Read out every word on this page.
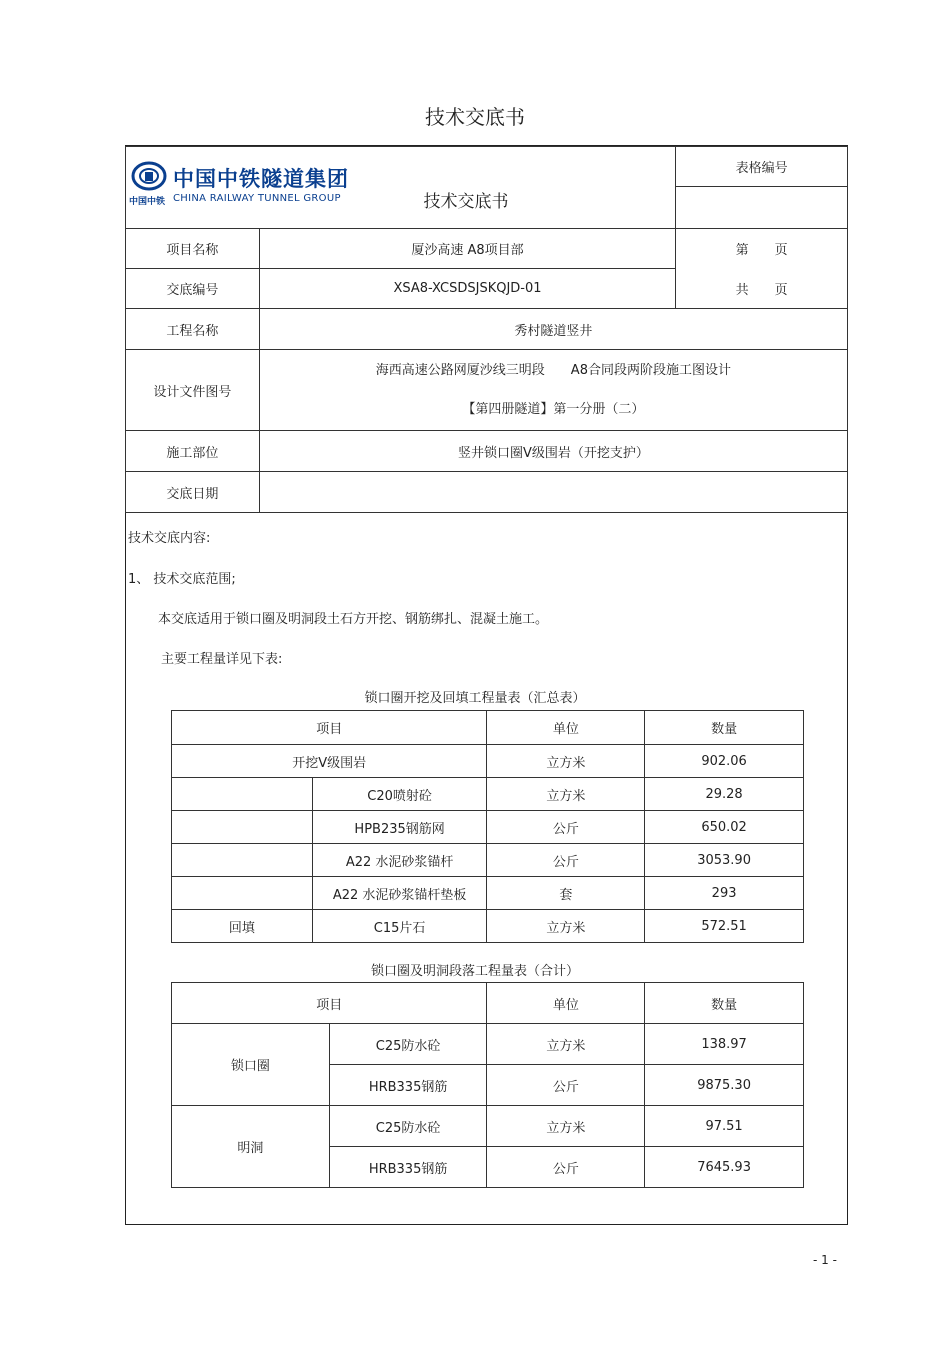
技术交底书
中国中铁隧道集团
中国中铁 CHINA RAILWAY TUNNEL GROUP 技术交底书		表格编号

项目名称	厦沙高速 A8项目部	第　　页
交底编号	XSA8-XCSDSJSKQJD-01	共　　页
工程名称	秀村隧道竖井	
设计文件图号	海西高速公路网厦沙线三明段　　A8合同段两阶段施工图设计
【第四册隧道】第一分册（二）	

施工部位	竖井锁口圈Ⅴ级围岩（开挖支护）	
交底日期		
技术交底内容:
1、 技术交底范围;
本交底适用于锁口圈及明洞段土石方开挖、钢筋绑扎、混凝土施工。
主要工程量详见下表:
锁口圈开挖及回填工程量表（汇总表）
项目		单位	数量
开挖Ⅴ级围岩		立方米	902.06
	C20喷射砼	立方米	29.28
	HPB235钢筋网	公斤	650.02
	A22 水泥砂浆锚杆	公斤	3053.90
	A22 水泥砂浆锚杆垫板	套	293
回填	C15片石	立方米	572.51
锁口圈及明洞段落工程量表（合计）
项目		单位	数量
锁口圈	C25防水砼	立方米	138.97
	HRB335钢筋	公斤	9875.30
明洞	C25防水砼	立方米	97.51
	HRB335钢筋	公斤	7645.93
- 1 -
